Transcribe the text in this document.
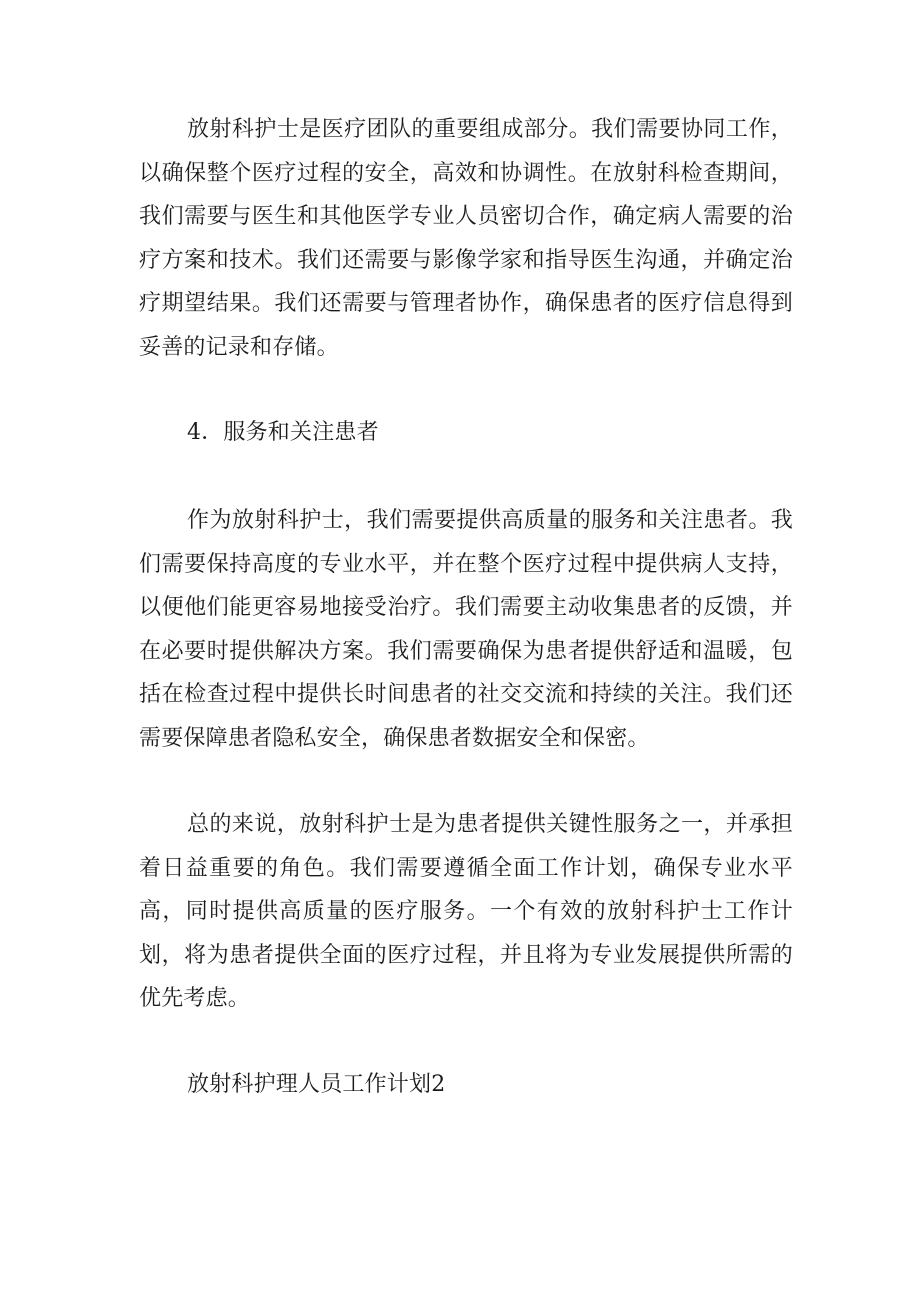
放射科护士是医疗团队的重要组成部分。我们需要协同工作，以确保整个医疗过程的安全，高效和协调性。在放射科检查期间，我们需要与医生和其他医学专业人员密切合作，确定病人需要的治疗方案和技术。我们还需要与影像学家和指导医生沟通，并确定治疗期望结果。我们还需要与管理者协作，确保患者的医疗信息得到妥善的记录和存储。

4．服务和关注患者

作为放射科护士，我们需要提供高质量的服务和关注患者。我们需要保持高度的专业水平，并在整个医疗过程中提供病人支持，以便他们能更容易地接受治疗。我们需要主动收集患者的反馈，并在必要时提供解决方案。我们需要确保为患者提供舒适和温暖，包括在检查过程中提供长时间患者的社交交流和持续的关注。我们还需要保障患者隐私安全，确保患者数据安全和保密。

总的来说，放射科护士是为患者提供关键性服务之一，并承担着日益重要的角色。我们需要遵循全面工作计划，确保专业水平高，同时提供高质量的医疗服务。一个有效的放射科护士工作计划，将为患者提供全面的医疗过程，并且将为专业发展提供所需的优先考虑。

放射科护理人员工作计划2
